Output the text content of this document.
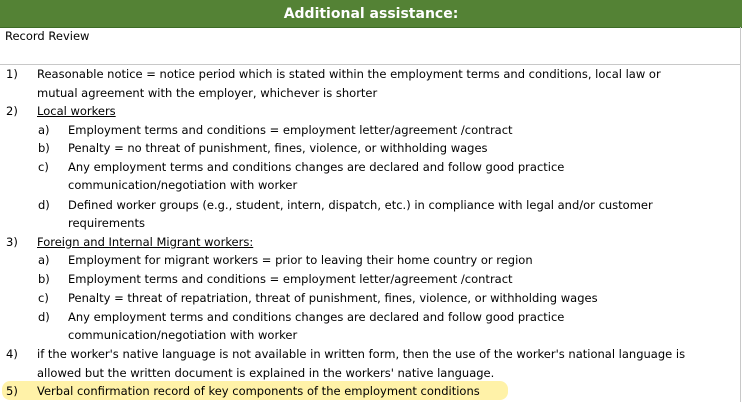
Additional assistance:
Record Review
1) Reasonable notice = notice period which is stated within the employment terms and conditions, local law or
mutual agreement with the employer, whichever is shorter
2) Local workers
a) Employment terms and conditions = employment letter/agreement /contract
b) Penalty = no threat of punishment, fines, violence, or withholding wages
c) Any employment terms and conditions changes are declared and follow good practice
communication/negotiation with worker
d) Defined worker groups (e.g., student, intern, dispatch, etc.) in compliance with legal and/or customer
requirements
3) Foreign and Internal Migrant workers:
a) Employment for migrant workers = prior to leaving their home country or region
b) Employment terms and conditions = employment letter/agreement /contract
c) Penalty = threat of repatriation, threat of punishment, fines, violence, or withholding wages
d) Any employment terms and conditions changes are declared and follow good practice
communication/negotiation with worker
4) if the worker's native language is not available in written form, then the use of the worker's national language is
allowed but the written document is explained in the workers' native language.
5) Verbal confirmation record of key components of the employment conditions
